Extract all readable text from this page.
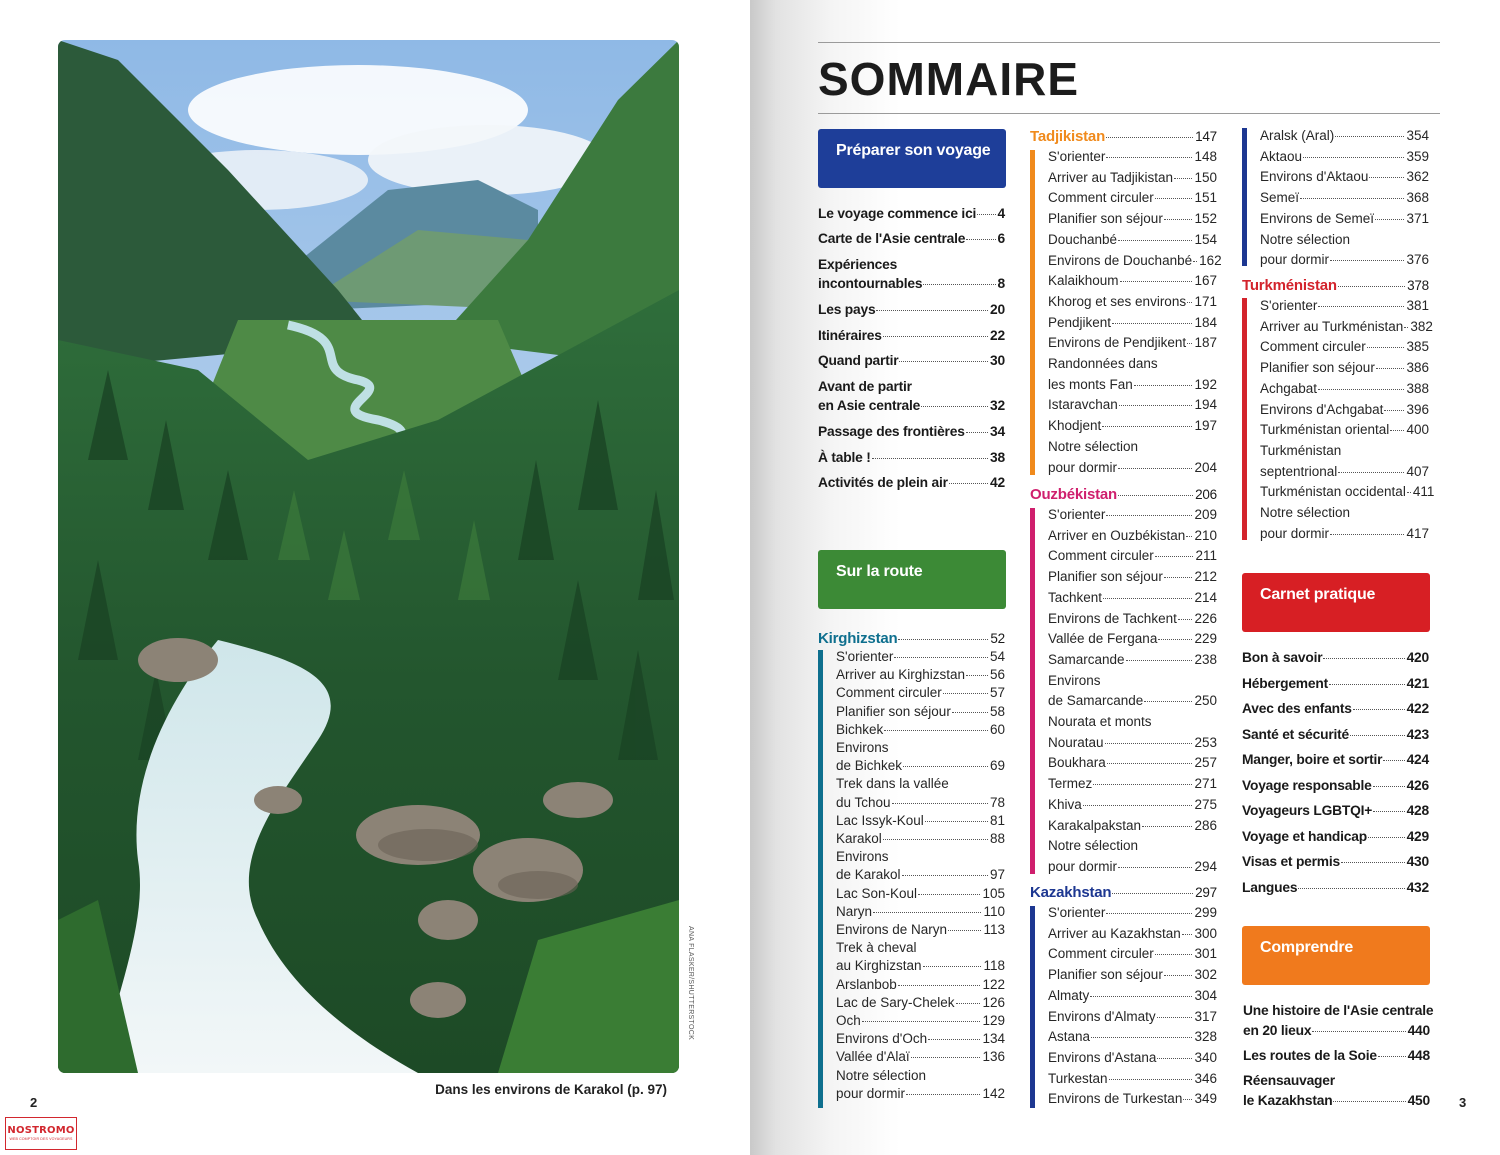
ANA FLASKER/SHUTTERSTOCK
Dans les environs de Karakol (p. 97)
2
NOSTROMO
WEB COMPTOIR DES VOYAGEURS
SOMMAIRE
3
Préparer son voyage
Sur la route
Carnet pratique
Comprendre
Le voyage commence ici 4
Carte de l'Asie centrale 6
Expériences
incontournables	8
Les pays	20
Itinéraires	22
Quand partir	30
Avant de partir
en Asie centrale	32
Passage des frontières 34
À table !	38
Activités de plein air	42
Kirghizstan	52
S'orienter	54
Arriver au Kirghizstan 56
Comment circuler	57
Planifier son séjour	58
Bichkek	60
Environs
de Bichkek	69
Trek dans la vallée
du Tchou	78
Lac Issyk-Koul	81
Karakol	88
Environs
de Karakol	97
Lac Son-Koul	105
Naryn	110
Environs de Naryn	113
Trek à cheval
au Kirghizstan	118
Arslanbob	122
Lac de Sary-Chelek 126
Och	129
Environs d'Och	134
Vallée d'Alaï	136
Notre sélection
pour dormir	142
Tadjikistan	147
S'orienter	148
Arriver au Tadjikistan 150
Comment circuler	151
Planifier son séjour 152
Douchanbé	154
Environs de Douchanbé 162
Kalaikhoum	167
Khorog et ses environs 171
Pendjikent	184
Environs de Pendjikent 187
Randonnées dans
les monts Fan	192
Istaravchan	194
Khodjent	197
Notre sélection
pour dormir	204
Ouzbékistan	206
S'orienter	209
Arriver en Ouzbékistan 210
Comment circuler	211
Planifier son séjour 212
Tachkent	214
Environs de Tachkent 226
Vallée de Fergana	229
Samarcande	238
Environs
de Samarcande	250
Nourata et monts
Nouratau	253
Boukhara	257
Termez	271
Khiva	275
Karakalpakstan	286
Notre sélection
pour dormir	294
Kazakhstan	297
S'orienter	299
Arriver au Kazakhstan 300
Comment circuler	301
Planifier son séjour 302
Almaty	304
Environs d'Almaty	317
Astana	328
Environs d'Astana	340
Turkestan	346
Environs de Turkestan 349
Aralsk (Aral)	354
Aktaou	359
Environs d'Aktaou	362
Semeï	368
Environs de Semeï 371
Notre sélection
pour dormir	376
Turkménistan	378
S'orienter	381
Arriver au Turkménistan 382
Comment circuler	385
Planifier son séjour 386
Achgabat	388
Environs d'Achgabat 396
Turkménistan oriental 400
Turkménistan
septentrional	407
Turkménistan occidental 411
Notre sélection
pour dormir	417
Bon à savoir	420
Hébergement	421
Avec des enfants	422
Santé et sécurité	423
Manger, boire et sortir 424
Voyage responsable	426
Voyageurs LGBTQI+ 428
Voyage et handicap	429
Visas et permis	430
Langues	432
Une histoire de l'Asie centrale
en 20 lieux	440
Les routes de la Soie 448
Réensauvager
le Kazakhstan	450
